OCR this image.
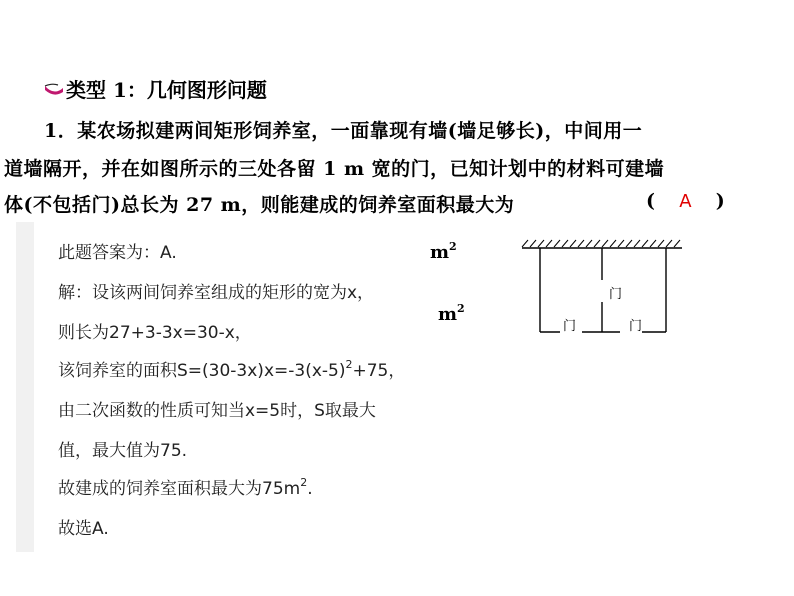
类型 1：几何图形问题
1．某农场拟建两间矩形饲养室，一面靠现有墙(墙足够长)，中间用一
道墙隔开，并在如图所示的三处各留 1 m 宽的门，已知计划中的材料可建墙
体(不包括门)总长为 27 m，则能建成的饲养室面积最大为	( A )
此题答案为：A.
解：设该两间饲养室组成的矩形的宽为x，
则长为27+3-3x=30-x，
该饲养室的面积$S=(30-3x)x=-3(x-5)^2+75$，
由二次函数的性质可知当x=5时，S取最大
值，最大值为75.
故建成的饲养室面积最大为$75m^2$.
故选A.
$m^2$
$m^2$
门
门	门
